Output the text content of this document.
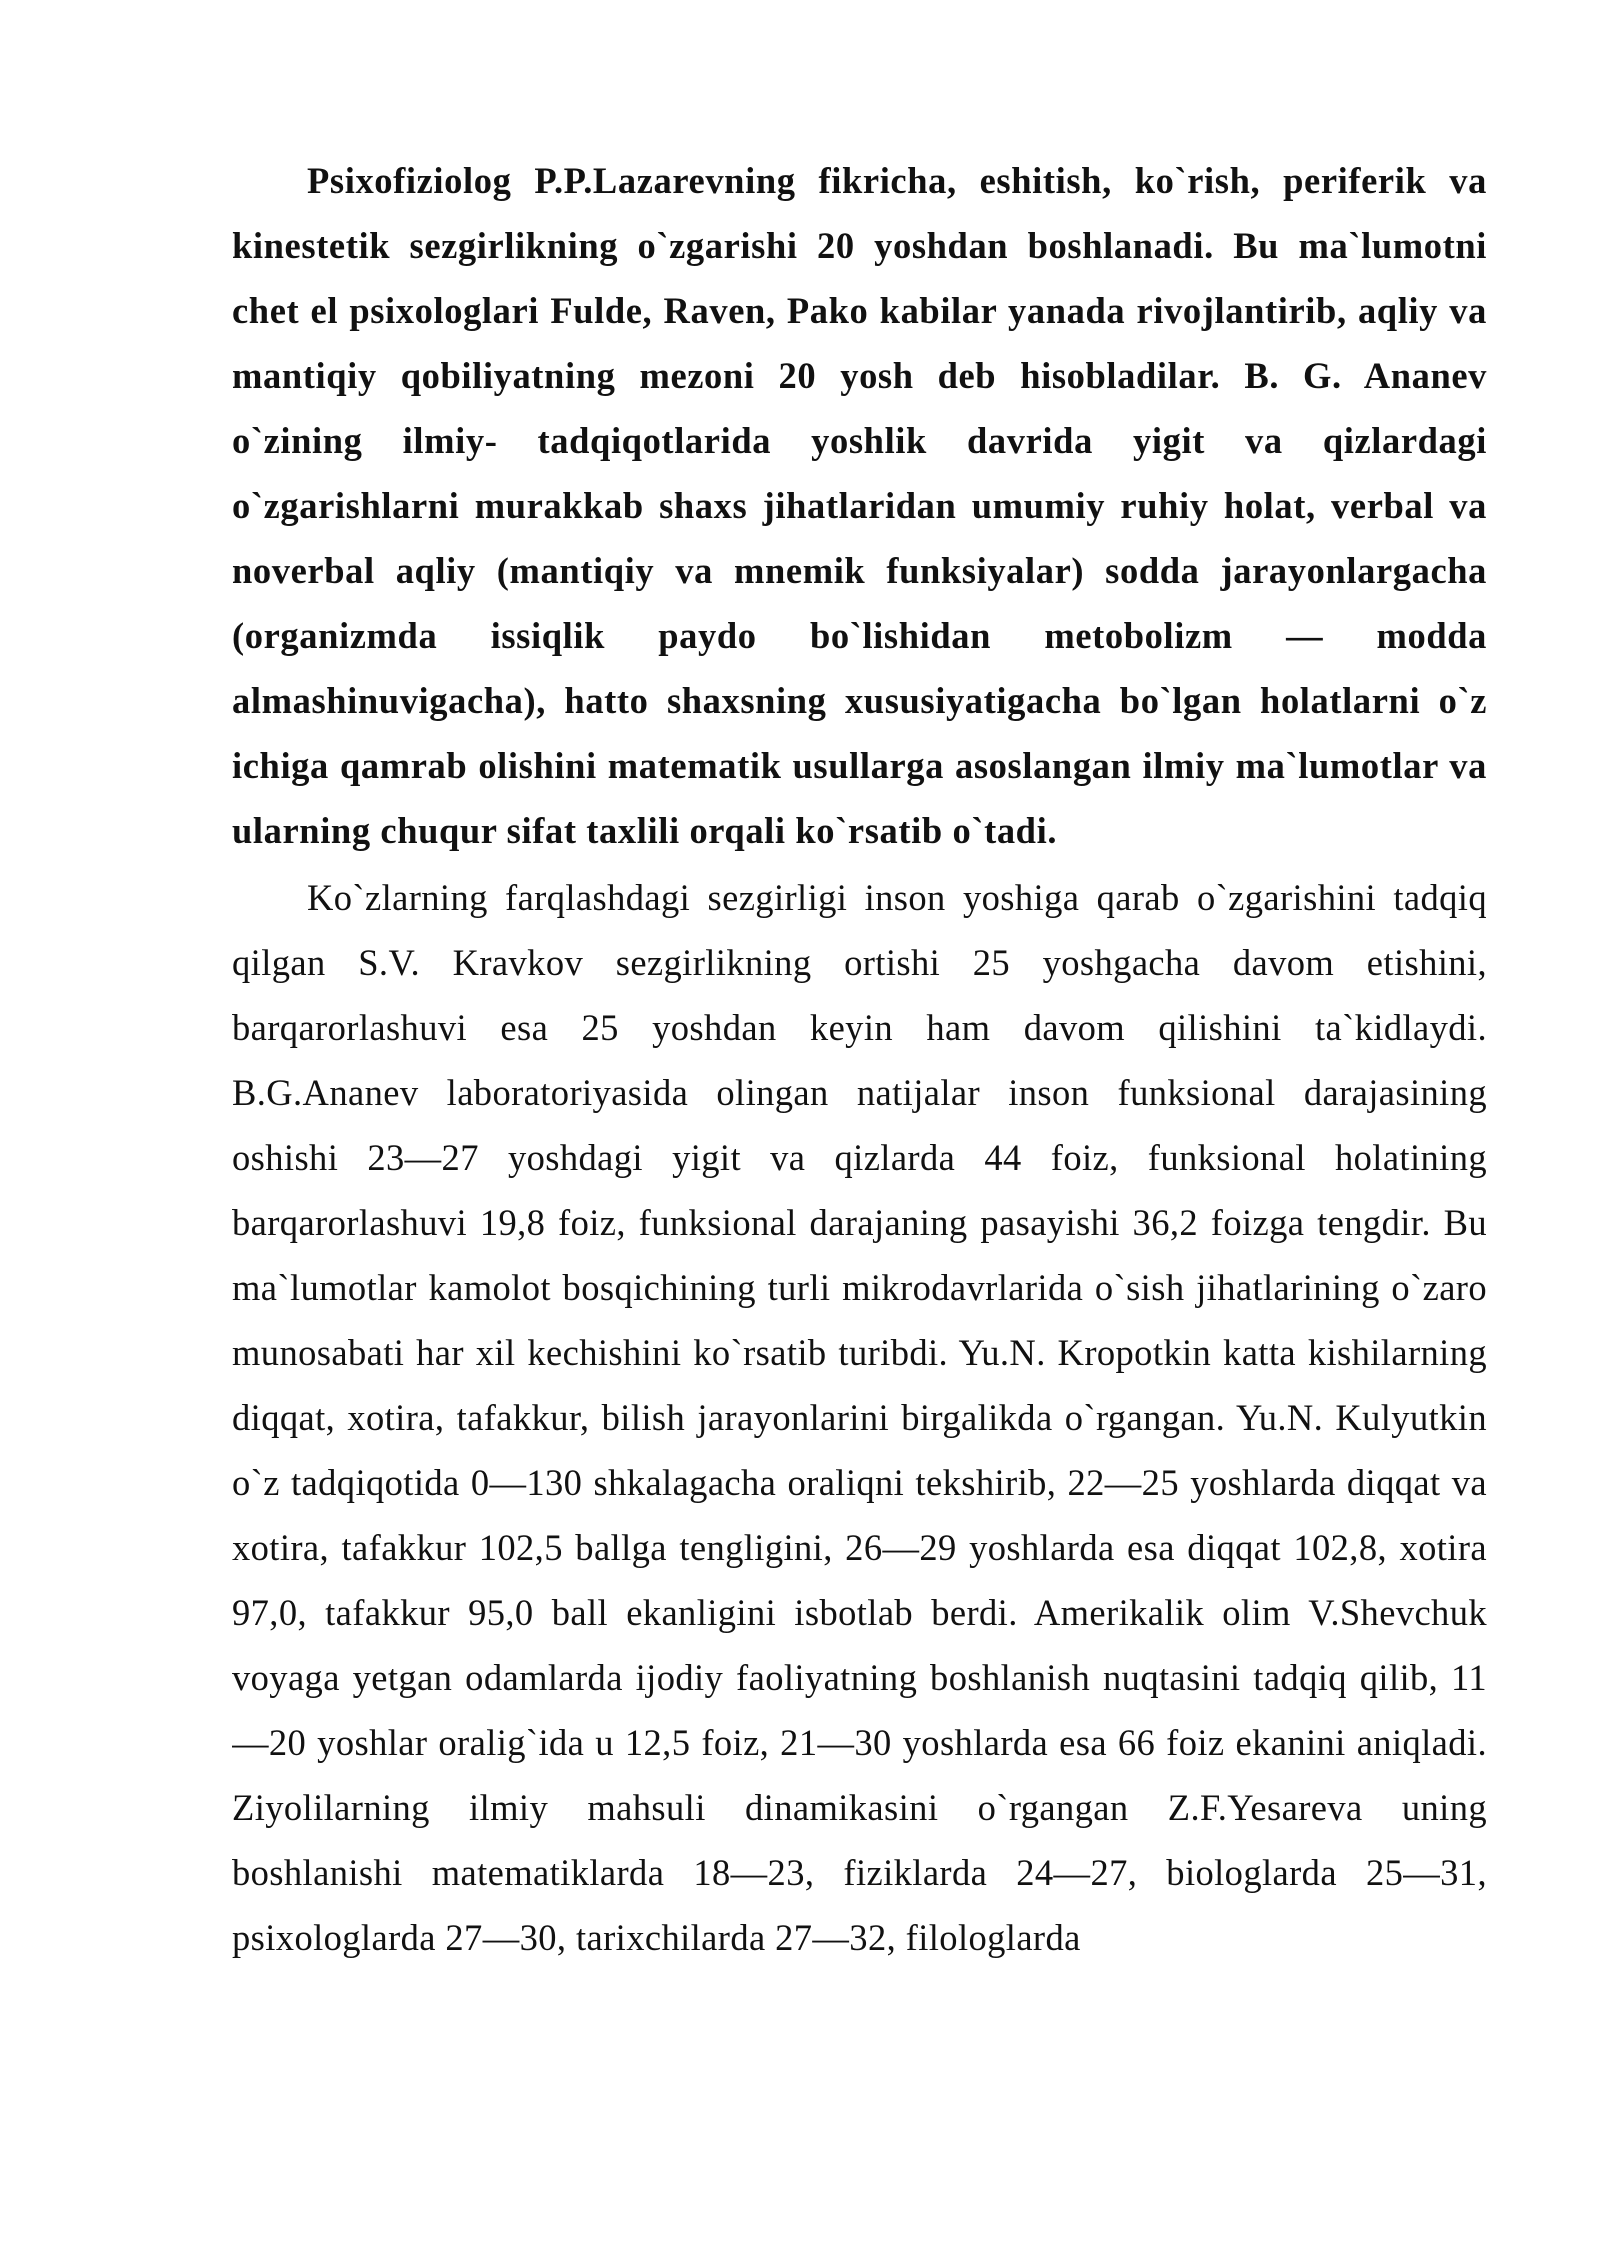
Psixofiziolog P.P.Lazarevning fikricha, eshitish, ko`rish, periferik va kinestetik sezgirlikning o`zgarishi 20 yoshdan boshlanadi. Bu ma`lumotni chet el psixologlari Fulde, Raven, Pako kabilar yanada rivojlantirib, aqliy va mantiqiy qobiliyatning mezoni 20 yosh deb hisobladilar. B. G. Ananev o`zining ilmiy- tadqiqotlarida yoshlik davrida yigit va qizlardagi o`zgarishlarni murakkab shaxs jihatlaridan umumiy ruhiy holat, verbal va noverbal aqliy (mantiqiy va mnemik funksiyalar) sodda jarayonlargacha (organizmda issiqlik paydo bo`lishidan metobolizm — modda almashinuvigacha), hatto shaxsning xususiyatigacha bo`lgan holatlarni o`z ichiga qamrab olishini matematik usullarga asoslangan ilmiy ma`lumotlar va ularning chuqur sifat taxlili orqali ko`rsatib o`tadi.

Ko`zlarning farqlashdagi sezgirligi inson yoshiga qarab o`zgarishini tadqiq qilgan S.V. Kravkov sezgirlikning ortishi 25 yoshgacha davom etishini, barqarorlashuvi esa 25 yoshdan keyin ham davom qilishini ta`kidlaydi. B.G.Ananev laboratoriyasida olingan natijalar inson funksional darajasining oshishi 23—27 yoshdagi yigit va qizlarda 44 foiz, funksional holatining barqarorlashuvi 19,8 foiz, funksional darajaning pasayishi 36,2 foizga tengdir. Bu ma`lumotlar kamolot bosqichining turli mikrodavrlarida o`sish jihatlarining o`zaro munosabati har xil kechishini ko`rsatib turibdi. Yu.N. Kropotkin katta kishilarning diqqat, xotira, tafakkur, bilish jarayonlarini birgalikda o`rgangan. Yu.N. Kulyutkin o`z tadqiqotida 0—130 shkalagacha oraliqni tekshirib, 22—25 yoshlarda diqqat va xotira, tafakkur 102,5 ballga tengligini, 26—29 yoshlarda esa diqqat 102,8, xotira 97,0, tafakkur 95,0 ball ekanligini isbotlab berdi. Amerikalik olim V.Shevchuk voyaga yetgan odamlarda ijodiy faoliyatning boshlanish nuqtasini tadqiq qilib, 11—20 yoshlar oralig`ida u 12,5 foiz, 21—30 yoshlarda esa 66 foiz ekanini aniqladi. Ziyolilarning ilmiy mahsuli dinamikasini o`rgangan Z.F.Yesareva uning boshlanishi matematiklarda 18—23, fiziklarda 24—27, biologlarda 25—31, psixologlarda 27—30, tarixchilarda 27—32, filologlarda
